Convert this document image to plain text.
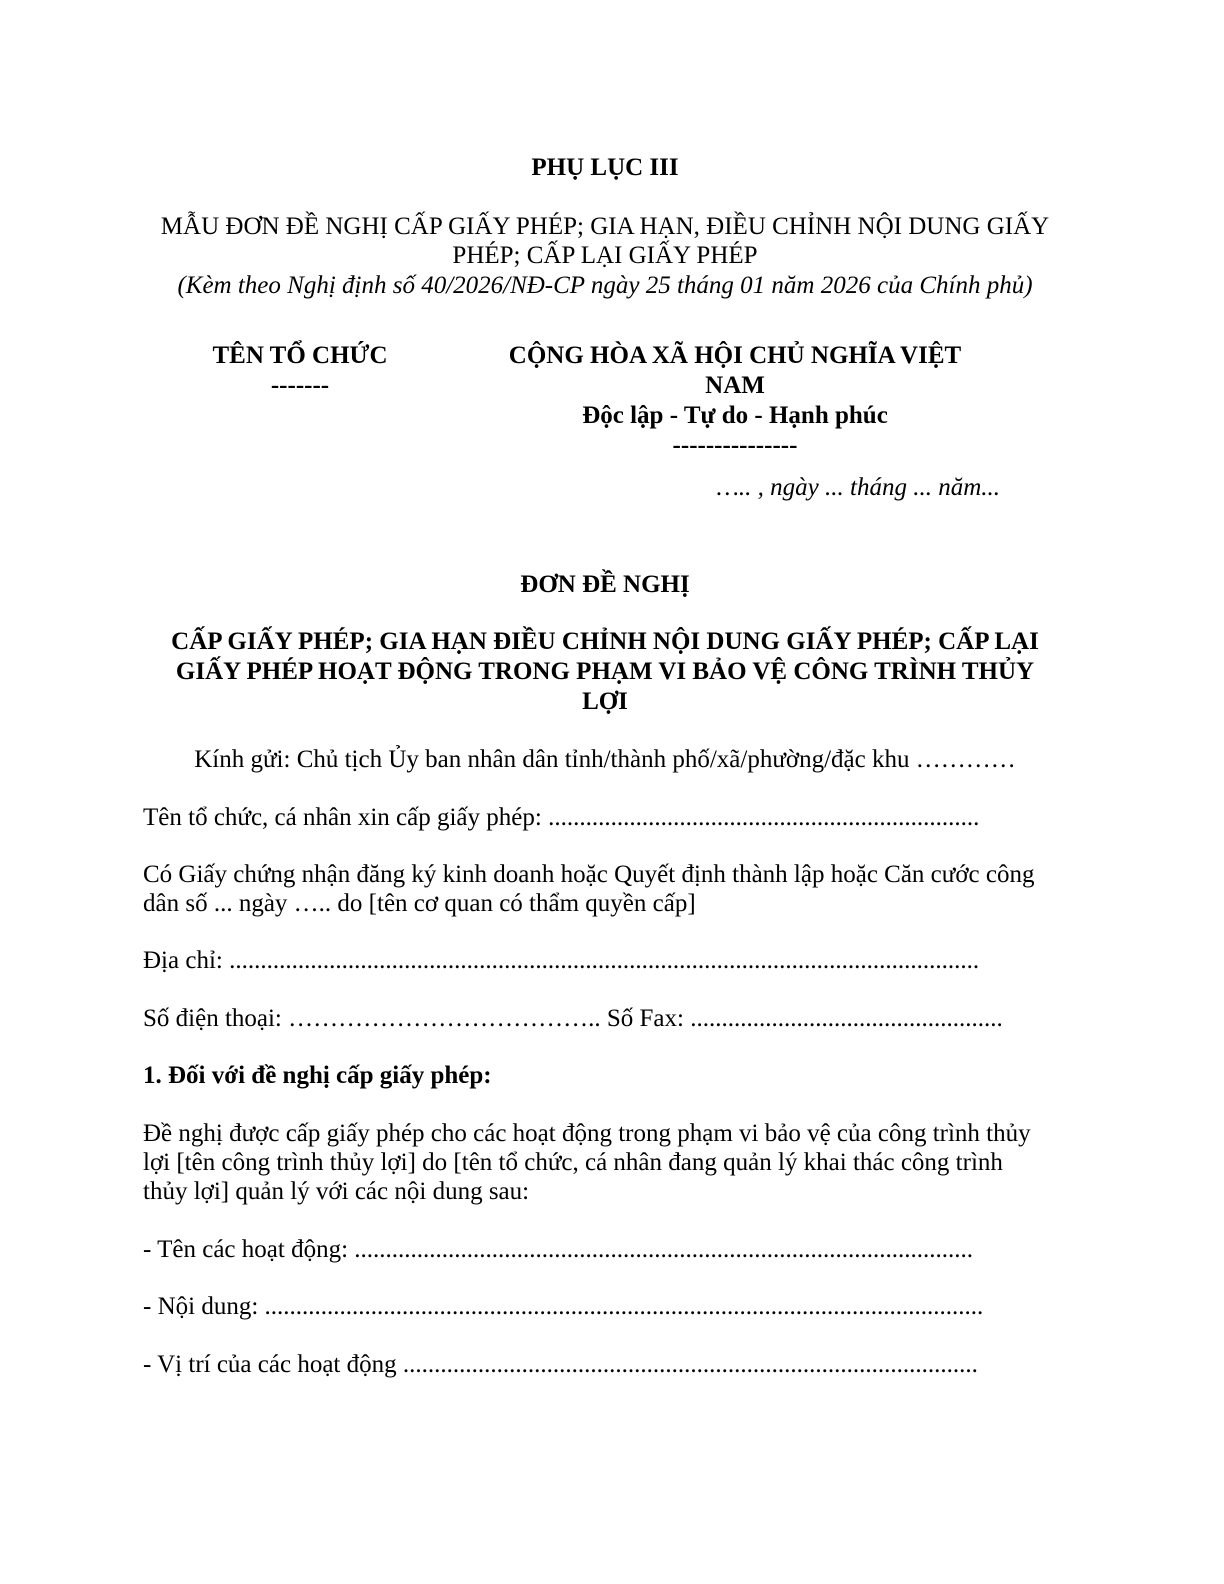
PHỤ LỤC III
MẪU ĐƠN ĐỀ NGHỊ CẤP GIẤY PHÉP; GIA HẠN, ĐIỀU CHỈNH NỘI DUNG GIẤY
PHÉP; CẤP LẠI GIẤY PHÉP
(Kèm theo Nghị định số 40/2026/NĐ-CP ngày 25 tháng 01 năm 2026 của Chính phủ)
TÊN TỔ CHỨC
-------
CỘNG HÒA XÃ HỘI CHỦ NGHĨA VIỆT
NAM
Độc lập - Tự do - Hạnh phúc
---------------
….. , ngày ... tháng ... năm...
ĐƠN ĐỀ NGHỊ
CẤP GIẤY PHÉP; GIA HẠN ĐIỀU CHỈNH NỘI DUNG GIẤY PHÉP; CẤP LẠI
GIẤY PHÉP HOẠT ĐỘNG TRONG PHẠM VI BẢO VỆ CÔNG TRÌNH THỦY
LỢI
Kính gửi: Chủ tịch Ủy ban nhân dân tỉnh/thành phố/xã/phường/đặc khu …………
Tên tổ chức, cá nhân xin cấp giấy phép: .....................................................................
Có Giấy chứng nhận đăng ký kinh doanh hoặc Quyết định thành lập hoặc Căn cước công
dân số ... ngày ….. do [tên cơ quan có thẩm quyền cấp]
Địa chỉ: ........................................................................................................................
Số điện thoại: ……………………………….. Số Fax: ..................................................
1. Đối với đề nghị cấp giấy phép:
Đề nghị được cấp giấy phép cho các hoạt động trong phạm vi bảo vệ của công trình thủy
lợi [tên công trình thủy lợi] do [tên tổ chức, cá nhân đang quản lý khai thác công trình
thủy lợi] quản lý với các nội dung sau:
- Tên các hoạt động: ...................................................................................................
- Nội dung: ...................................................................................................................
- Vị trí của các hoạt động ............................................................................................
